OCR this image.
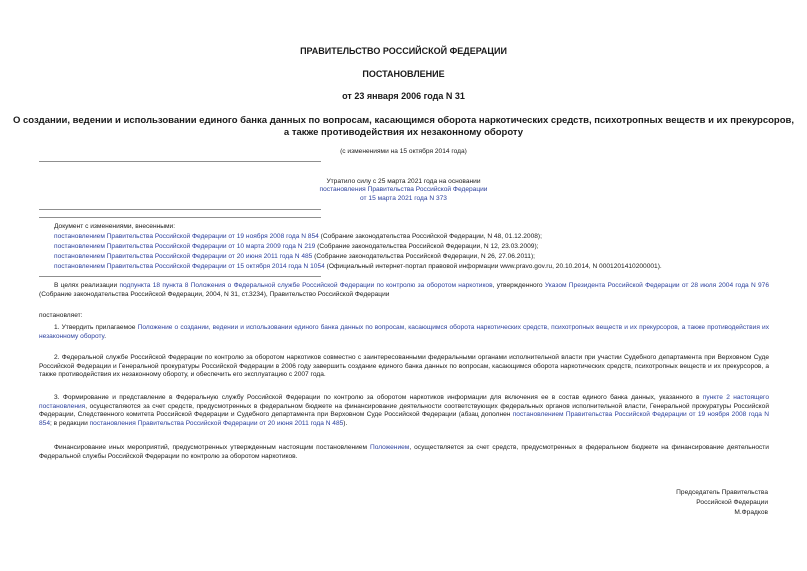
ПРАВИТЕЛЬСТВО РОССИЙСКОЙ ФЕДЕРАЦИИ
ПОСТАНОВЛЕНИЕ
от 23 января 2006 года N 31
О создании, ведении и использовании единого банка данных по вопросам, касающимся оборота наркотических средств, психотропных веществ и их прекурсоров,
а также противодействия их незаконному обороту
(с изменениями на 15 октября 2014 года)
Утратило силу с 25 марта 2021 года на основании
постановления Правительства Российской Федерации
от 15 марта 2021 года N 373
Документ с изменениями, внесенными:
постановлением Правительства Российской Федерации от 19 ноября 2008 года N 854 (Собрание законодательства Российской Федерации, N 48, 01.12.2008);
постановлением Правительства Российской Федерации от 10 марта 2009 года N 219 (Собрание законодательства Российской Федерации, N 12, 23.03.2009);
постановлением Правительства Российской Федерации от 20 июня 2011 года N 485 (Собрание законодательства Российской Федерации, N 26, 27.06.2011);
постановлением Правительства Российской Федерации от 15 октября 2014 года N 1054 (Официальный интернет-портал правовой информации www.pravo.gov.ru, 20.10.2014, N 0001201410200001).

В целях реализации подпункта 18 пункта 8 Положения о Федеральной службе Российской Федерации по контролю за оборотом наркотиков, утвержденного Указом Президента Российской Федерации от 28 июля 2004 года N 976 (Собрание законодательства Российской Федерации, 2004, N 31, ст.3234), Правительство Российской Федерации

постановляет:

1. Утвердить прилагаемое Положение о создании, ведении и использовании единого банка данных по вопросам, касающимся оборота наркотических средств, психотропных веществ и их прекурсоров, а также противодействия их незаконному обороту.

2. Федеральной службе Российской Федерации по контролю за оборотом наркотиков совместно с заинтересованными федеральными органами исполнительной власти при участии Судебного департамента при Верховном Суде Российской Федерации и Генеральной прокуратуры Российской Федерации в 2006 году завершить создание единого банка данных по вопросам, касающимся оборота наркотических средств, психотропных веществ и их прекурсоров, а также противодействия их незаконному обороту, и обеспечить его эксплуатацию с 2007 года.

3. Формирование и представление в Федеральную службу Российской Федерации по контролю за оборотом наркотиков информации для включения ее в состав единого банка данных, указанного в пункте 2 настоящего постановления, осуществляются за счет средств, предусмотренных в федеральном бюджете на финансирование деятельности соответствующих федеральных органов исполнительной власти, Генеральной прокуратуры Российской Федерации, Следственного комитета Российской Федерации и Судебного департамента при Верховном Суде Российской Федерации (абзац дополнен постановлением Правительства Российской Федерации от 19 ноября 2008 года N 854; в редакции постановления Правительства Российской Федерации от 20 июня 2011 года N 485).

Финансирование иных мероприятий, предусмотренных утвержденным настоящим постановлением Положением, осуществляется за счет средств, предусмотренных в федеральном бюджете на финансирование деятельности Федеральной службы Российской Федерации по контролю за оборотом наркотиков.

Председатель Правительства
Российской Федерации
М.Фрадков
